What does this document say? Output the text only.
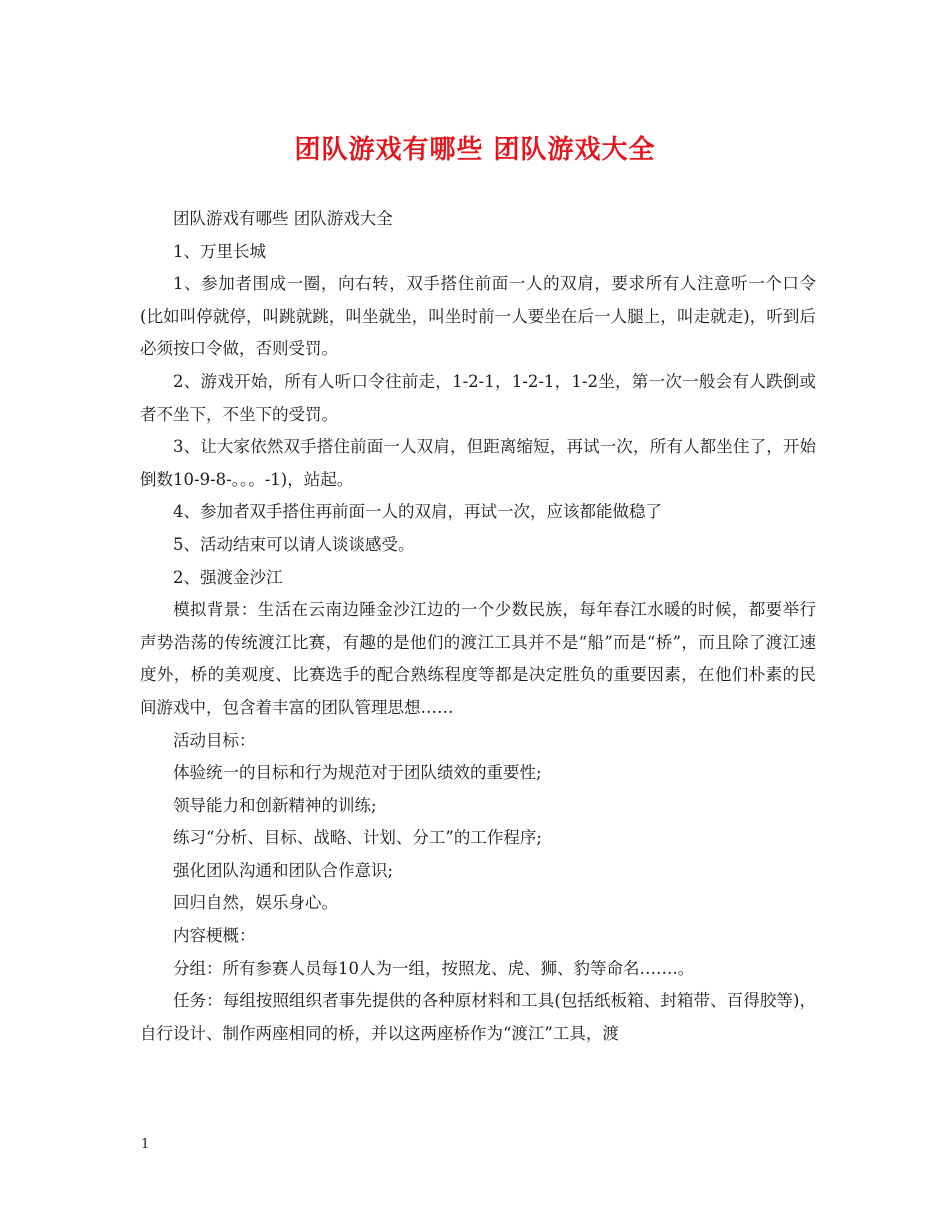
团队游戏有哪些 团队游戏大全

团队游戏有哪些 团队游戏大全

1、万里长城

1、参加者围成一圈，向右转，双手搭住前面一人的双肩，要求所有人注意听一个口令(比如叫停就停，叫跳就跳，叫坐就坐，叫坐时前一人要坐在后一人腿上，叫走就走)，听到后必须按口令做，否则受罚。

2、游戏开始，所有人听口令往前走，1-2-1，1-2-1，1-2坐，第一次一般会有人跌倒或者不坐下，不坐下的受罚。

3、让大家依然双手搭住前面一人双肩，但距离缩短，再试一次，所有人都坐住了，开始倒数10-9-8-。。。-1)，站起。

4、参加者双手搭住再前面一人的双肩，再试一次，应该都能做稳了

5、活动结束可以请人谈谈感受。

2、强渡金沙江

模拟背景：生活在云南边陲金沙江边的一个少数民族，每年春江水暖的时候，都要举行声势浩荡的传统渡江比赛，有趣的是他们的渡江工具并不是“船”而是“桥”，而且除了渡江速度外，桥的美观度、比赛选手的配合熟练程度等都是决定胜负的重要因素，在他们朴素的民间游戏中，包含着丰富的团队管理思想……

活动目标：

体验统一的目标和行为规范对于团队绩效的重要性;

领导能力和创新精神的训练;

练习“分析、目标、战略、计划、分工”的工作程序;

强化团队沟通和团队合作意识;

回归自然，娱乐身心。

内容梗概：

分组：所有参赛人员每10人为一组，按照龙、虎、狮、豹等命名…….。

任务：每组按照组织者事先提供的各种原材料和工具(包括纸板箱、封箱带、百得胶等)，自行设计、制作两座相同的桥，并以这两座桥作为“渡江”工具，渡

1
